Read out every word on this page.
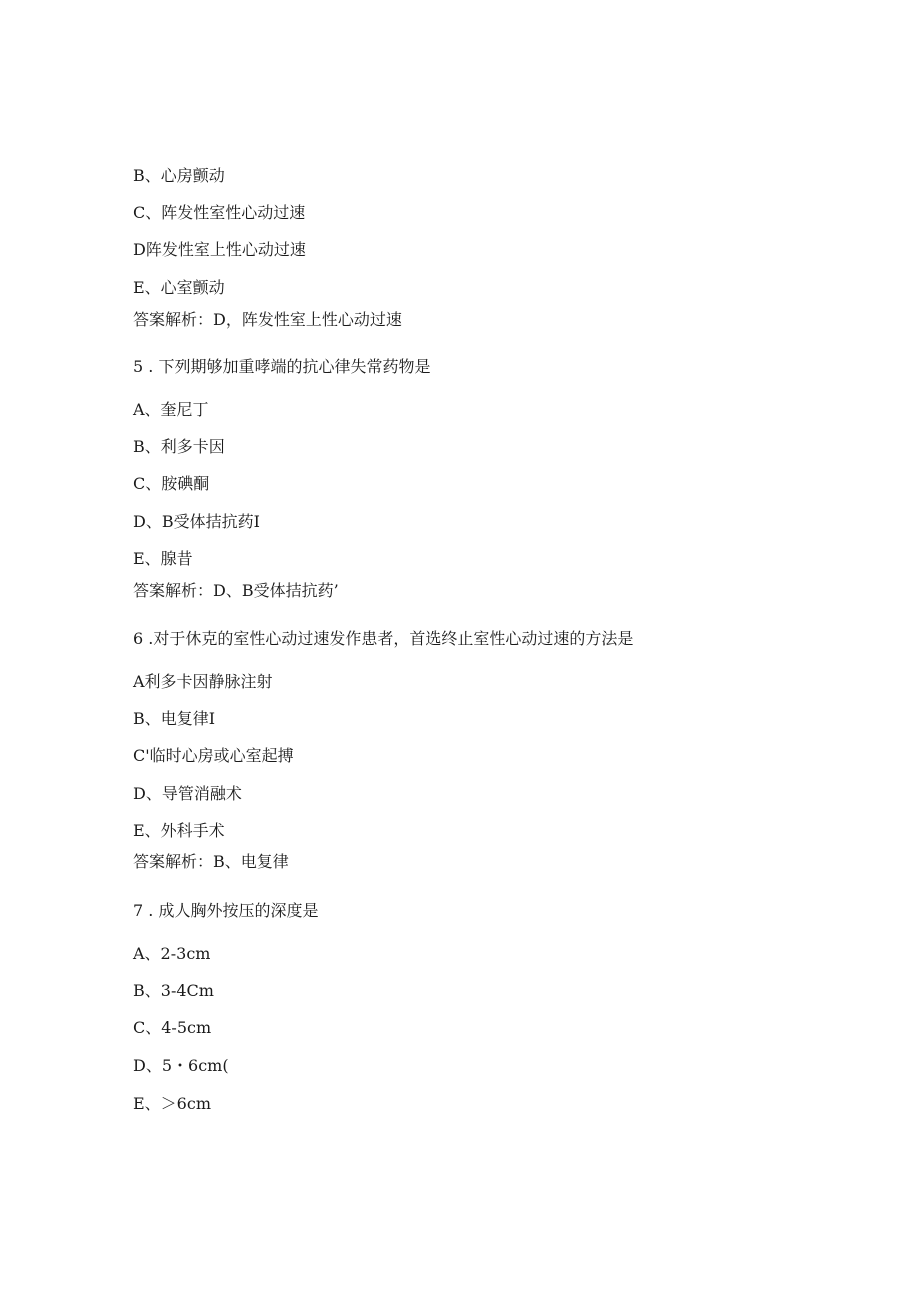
B、心房颤动
C、阵发性室性心动过速
D阵发性室上性心动过速
E、心室颤动
答案解析：D，阵发性室上性心动过速
5 . 下列期够加重哮端的抗心律失常药物是
A、奎尼丁
B、利多卡因
C、胺碘酮
D、B受体拮抗药I
E、腺昔
答案解析：D、B受体拮抗药’
6 .对于休克的室性心动过速发作患者，首选终止室性心动过速的方法是
A利多卡因静脉注射
B、电复律I
C'临时心房或心室起搏
D、导管消融术
E、外科手术
答案解析：B、电复律
7 . 成人胸外按压的深度是
A、2-3cm
B、3-4Cm
C、4-5cm
D、5・6cm(
E、＞6cm
